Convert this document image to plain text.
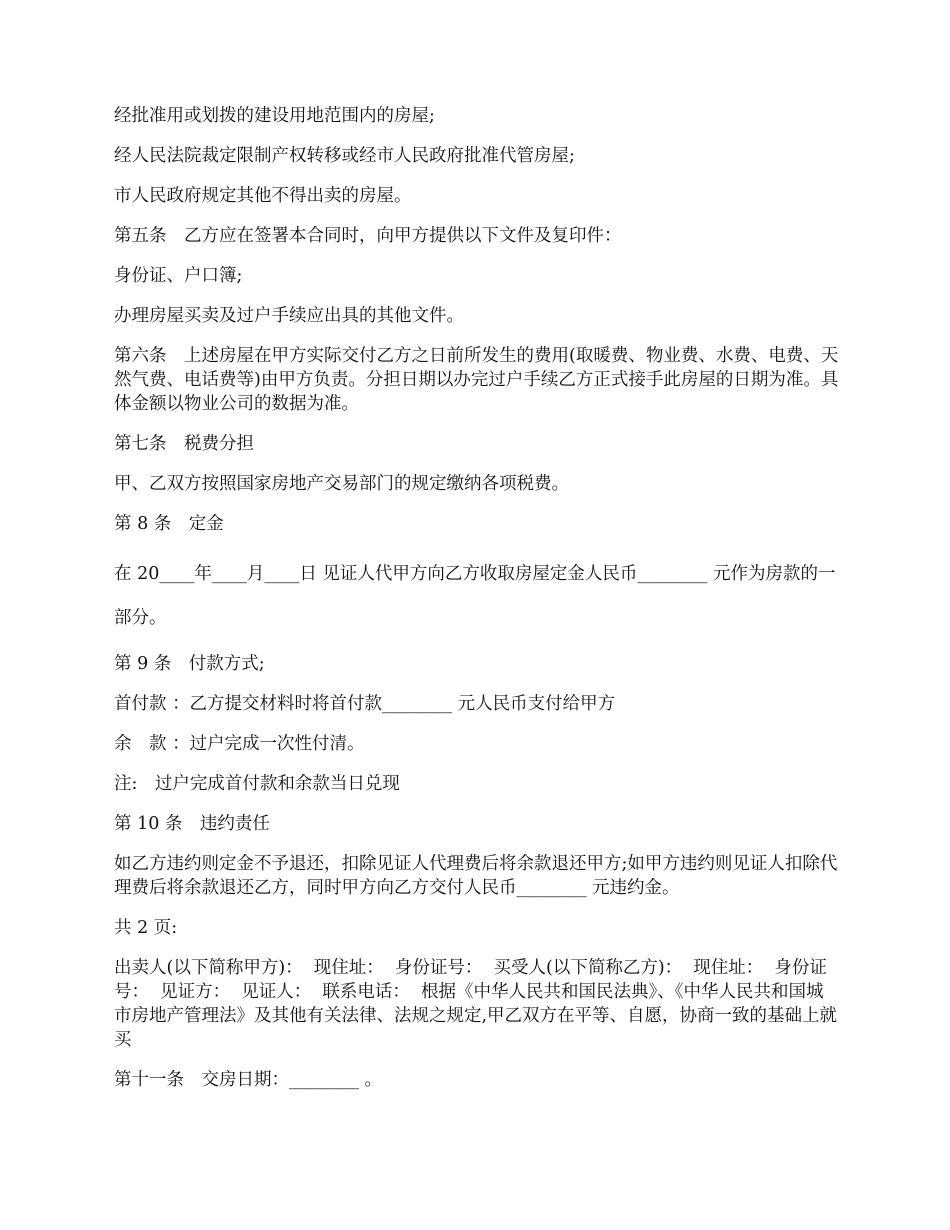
经批准用或划拨的建设用地范围内的房屋;

经人民法院裁定限制产权转移或经市人民政府批准代管房屋;

市人民政府规定其他不得出卖的房屋。

第五条　乙方应在签署本合同时，向甲方提供以下文件及复印件：

身份证、户口簿;

办理房屋买卖及过户手续应出具的其他文件。

第六条　上述房屋在甲方实际交付乙方之日前所发生的费用(取暖费、物业费、水费、电费、天然气费、电话费等)由甲方负责。分担日期以办完过户手续乙方正式接手此房屋的日期为准。具体金额以物业公司的数据为准。

第七条　税费分担

甲、乙双方按照国家房地产交易部门的规定缴纳各项税费。

第 8 条　定金

在 20____年____月____日 见证人代甲方向乙方收取房屋定金人民币________ 元作为房款的一部分。

第 9 条　付款方式;

首付款 ：乙方提交材料时将首付款________ 元人民币支付给甲方

余　款 ：过户完成一次性付清。

注:　过户完成首付款和余款当日兑现

第 10 条　违约责任

如乙方违约则定金不予退还，扣除见证人代理费后将余款退还甲方;如甲方违约则见证人扣除代理费后将余款退还乙方，同时甲方向乙方交付人民币________ 元违约金。

共 2 页:

出卖人(以下简称甲方)：  现住址：  身份证号：  买受人(以下简称乙方)：  现住址：  身份证号：  见证方：  见证人：  联系电话：  根据《中华人民共和国民法典》、《中华人民共和国城市房地产管理法》及其他有关法律、法规之规定,甲乙双方在平等、自愿，协商一致的基础上就买

第十一条　交房日期：________ 。
